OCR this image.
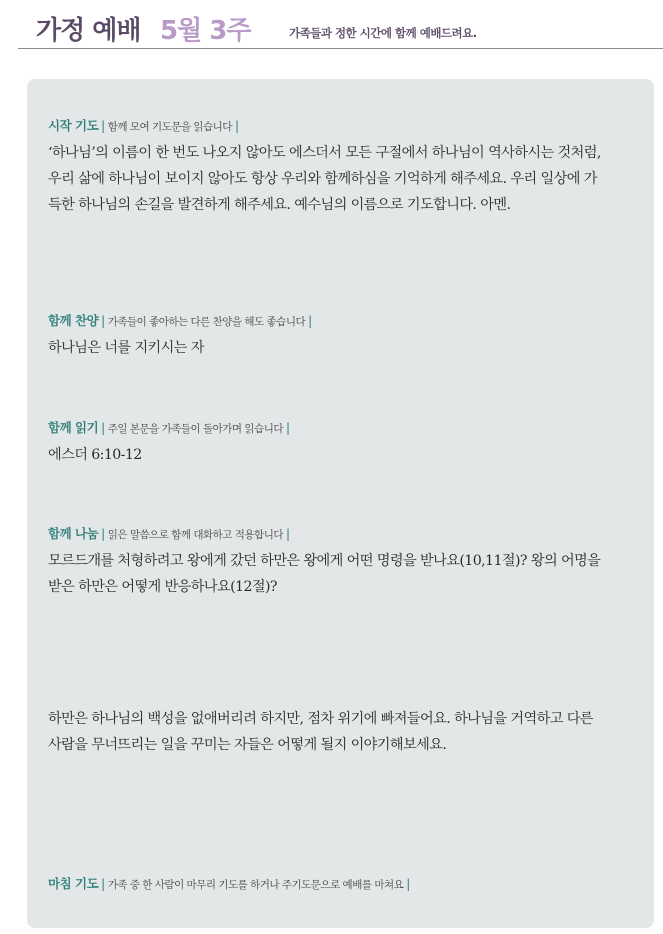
가정 예배 5월 3주	가족들과 정한 시간에 함께 예배드려요.
시작 기도 | 함께 모여 기도문을 읽습니다 |
‘하나님’의 이름이 한 번도 나오지 않아도 에스더서 모든 구절에서 하나님이 역사하시는 것처럼, 우리 삶에 하나님이 보이지 않아도 항상 우리와 함께하심을 기억하게 해주세요. 우리 일상에 가득한 하나님의 손길을 발견하게 해주세요. 예수님의 이름으로 기도합니다. 아멘.
함께 찬양 | 가족들이 좋아하는 다른 찬양을 해도 좋습니다 |
하나님은 너를 지키시는 자
함께 읽기 | 주일 본문을 가족들이 돌아가며 읽습니다 |
에스더 6:10-12
함께 나눔 | 읽은 말씀으로 함께 대화하고 적용합니다 |
모르드개를 처형하려고 왕에게 갔던 하만은 왕에게 어떤 명령을 받나요(10,11절)? 왕의 어명을 받은 하만은 어떻게 반응하나요(12절)?
하만은 하나님의 백성을 없애버리려 하지만, 점차 위기에 빠져들어요. 하나님을 거역하고 다른 사람을 무너뜨리는 일을 꾸미는 자들은 어떻게 될지 이야기해보세요.
마침 기도 | 가족 중 한 사람이 마무리 기도를 하거나 주기도문으로 예배를 마쳐요 |
